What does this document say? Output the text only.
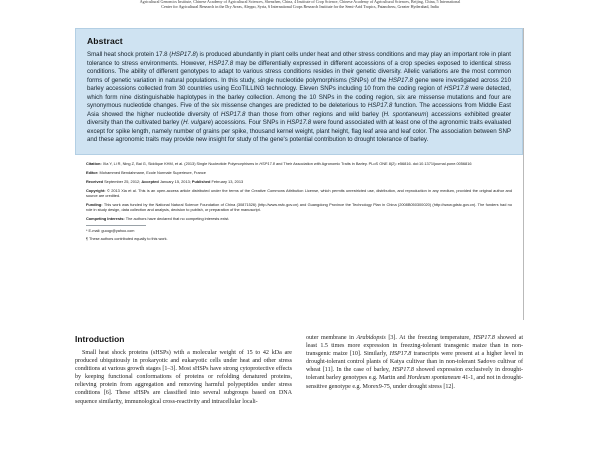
Agricultural Genomics Institute, Chinese Academy of Agricultural Sciences, Shenzhen, China, 4 Institute of Crop Science, Chinese Academy of Agricultural Sciences, Beijing, China, 5 International
Center for Agricultural Research in the Dry Areas, Aleppo, Syria, 6 International Crops Research Institute for the Semi-Arid Tropics, Patancheru, Greater Hyderabad, India
Abstract
Small heat shock protein 17.8 (HSP17.8) is produced abundantly in plant cells under heat and other stress conditions and may play an important role in plant tolerance to stress environments. However, HSP17.8 may be differentially expressed in different accessions of a crop species exposed to identical stress conditions. The ability of different genotypes to adapt to various stress conditions resides in their genetic diversity. Allelic variations are the most common forms of genetic variation in natural populations. In this study, single nucleotide polymorphisms (SNPs) of the HSP17.8 gene were investigated across 210 barley accessions collected from 30 countries using EcoTILLING technology. Eleven SNPs including 10 from the coding region of HSP17.8 were detected, which form nine distinguishable haplotypes in the barley collection. Among the 10 SNPs in the coding region, six are missense mutations and four are synonymous nucleotide changes. Five of the six missense changes are predicted to be deleterious to HSP17.8 function. The accessions from Middle East Asia showed the higher nucleotide diversity of HSP17.8 than those from other regions and wild barley (H. spontaneum) accessions exhibited greater diversity than the cultivated barley (H. vulgare) accessions. Four SNPs in HSP17.8 were found associated with at least one of the agronomic traits evaluated except for spike length, namely number of grains per spike, thousand kernel weight, plant height, flag leaf area and leaf color. The association between SNP and these agronomic traits may provide new insight for study of the gene's potential contribution to drought tolerance of barley.

Citation: Xia Y, Li R, Ning Z, Bai G, Siddique KHM, et al. (2013) Single Nucleotide Polymorphisms in HSP17.8 and Their Association with Agronomic Traits in Barley. PLoS ONE 8(2): e56816. doi:10.1371/journal.pone.0056816

Editor: Mohammed Bendahmane, Ecole Normale Superieure, France

Received September 25, 2012; Accepted January 15, 2013; Published February 13, 2013

Copyright: © 2013 Xia et al. This is an open-access article distributed under the terms of the Creative Commons Attribution License, which permits unrestricted use, distribution, and reproduction in any medium, provided the original author and source are credited.

Funding: This work was funded by the National Natural Science Foundation of China (30871526) (http://www.nsfc.gov.cn) and Guangdong Province the Technology Plan in China (2008B050300020) (http://www.gdstc.gov.cn). The funders had no role in study design, data collection and analysis, decision to publish, or preparation of the manuscript.

Competing Interests: The authors have declared that no competing interests exist.

* E-mail: guoqp@yahoo.com

¶ These authors contributed equally to this work.

Introduction

Small heat shock proteins (sHSPs) with a molecular weight of 15 to 42 kDa are produced ubiquitously in prokaryotic and eukaryotic cells under heat and other stress conditions at various growth stages [1–3]. Most sHSPs have strong cytoprotective effects by keeping functional conformations of proteins or refolding denatured proteins, relieving protein from aggregation and removing harmful polypeptides under stress conditions [6]. These sHSPs are classified into several subgroups based on DNA sequence similarity, immunological cross-reactivity and intracellular locali-

outer membrane in Arabidopsis [3]. At the freezing temperature, HSP17.8 showed at least 1.5 times more expression in freezing-tolerant transgenic maize than in non-transgenic maize [10]. Similarly, HSP17.8 transcripts were present at a higher level in drought-tolerant control plants of Katya cultivar than in non-tolerant Sadovo cultivar of wheat [11]. In the case of barley, HSP17.8 showed expression exclusively in drought-tolerant barley genotypes e.g. Martin and Hordeum spontaneum 41-1, and not in drought-sensitive genotype e.g. Morex9-75, under drought stress [12].
